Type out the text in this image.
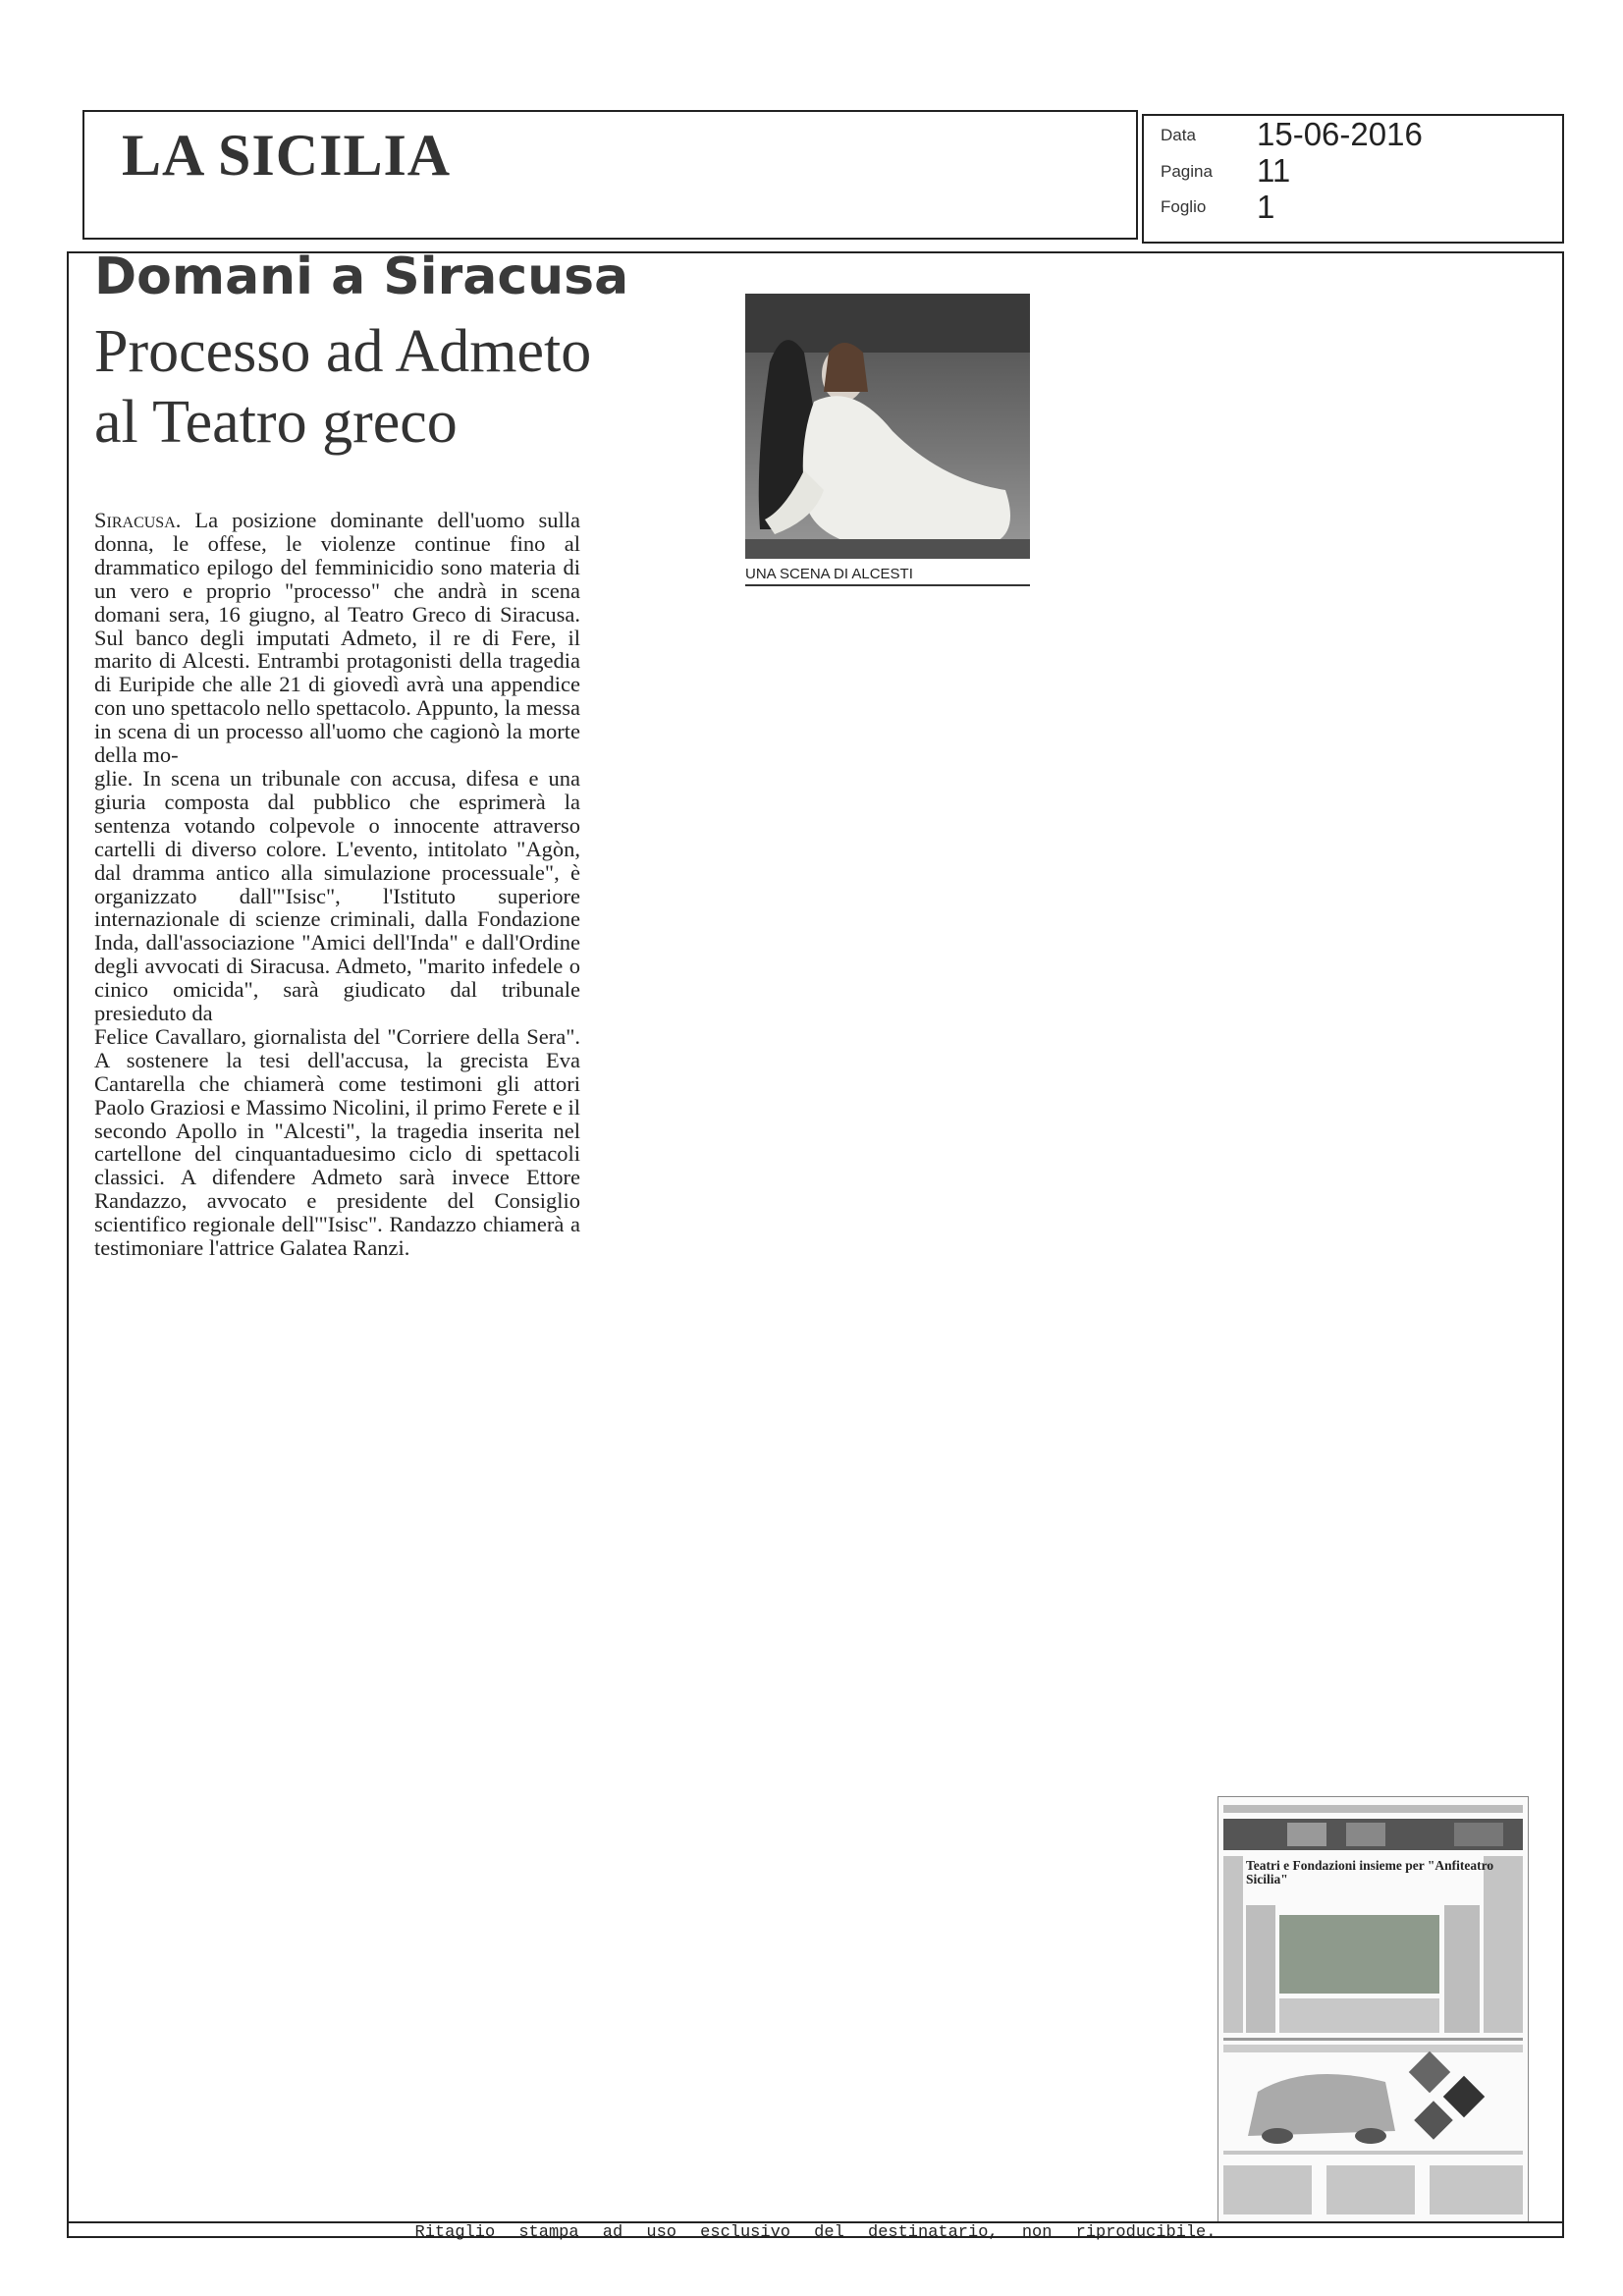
LA SICILIA	Data 15-06-2016
Pagina 11
Foglio 1
Domani a Siracusa
Processo ad Admeto
al Teatro greco

Siracusa. La posizione dominante dell'uomo sulla donna, le offese, le violenze continue fino al drammatico epilogo del femminicidio sono materia di un vero e proprio "processo" che andrà in scena domani sera, 16 giugno, al Teatro Greco di Siracusa. Sul banco degli imputati Admeto, il re di Fere, il marito di Alcesti. Entrambi protagonisti della tragedia di Euripide che alle 21 di giovedì avrà una appendice con uno spettacolo nello spettacolo. Appunto, la messa in scena di un processo all'uomo che cagionò la morte della mo-

glie. In scena un tribunale con accusa, difesa e una giuria composta dal pubblico che esprimerà la sentenza votando colpevole o innocente attraverso cartelli di diverso colore. L'evento, intitolato "Agòn, dal dramma antico alla simulazione processuale", è organizzato dall'"Isisc", l'Istituto superiore internazionale di scienze criminali, dalla Fondazione Inda, dall'associazione "Amici dell'Inda" e dall'Ordine degli avvocati di Siracusa. Admeto, "marito infedele o cinico omicida", sarà giudicato dal tribunale presieduto da

Felice Cavallaro, giornalista del "Corriere della Sera". A sostenere la tesi dell'accusa, la grecista Eva Cantarella che chiamerà come testimoni gli attori Paolo Graziosi e Massimo Nicolini, il primo Ferete e il secondo Apollo in "Alcesti", la tragedia inserita nel cartellone del cinquantaduesimo ciclo di spettacoli classici. A difendere Admeto sarà invece Ettore Randazzo, avvocato e presidente del Consiglio scientifico regionale dell'"Isisc". Randazzo chiamerà a testimoniare l'attrice Galatea Ranzi.

UNA SCENA DI ALCESTI
Teatri e Fondazioni insieme per "Anfiteatro Sicilia"
Ritaglio stampa ad uso esclusivo del destinatario, non riproducibile.
